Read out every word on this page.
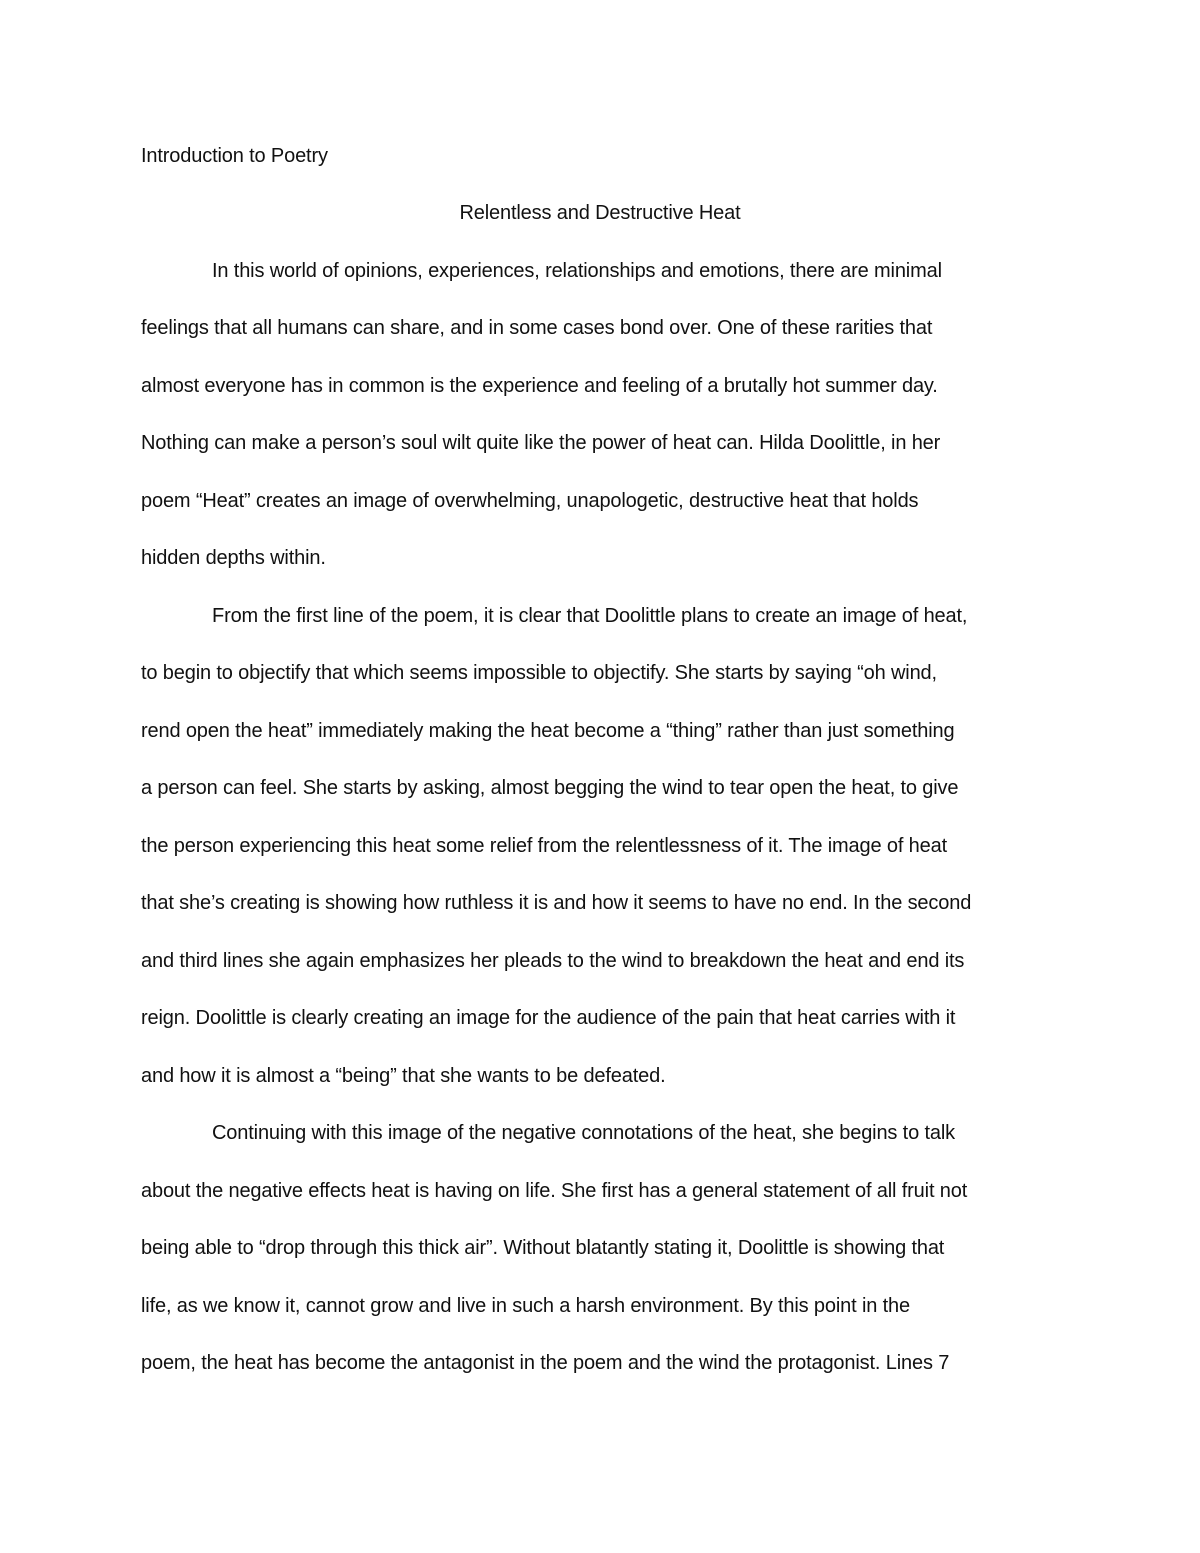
Introduction to Poetry
Relentless and Destructive Heat
In this world of opinions, experiences, relationships and emotions, there are minimal
feelings that all humans can share, and in some cases bond over. One of these rarities that
almost everyone has in common is the experience and feeling of a brutally hot summer day.
Nothing can make a person’s soul wilt quite like the power of heat can. Hilda Doolittle, in her
poem “Heat” creates an image of overwhelming, unapologetic, destructive heat that holds
hidden depths within.
From the first line of the poem, it is clear that Doolittle plans to create an image of heat,
to begin to objectify that which seems impossible to objectify. She starts by saying “oh wind,
rend open the heat” immediately making the heat become a “thing” rather than just something
a person can feel. She starts by asking, almost begging the wind to tear open the heat, to give
the person experiencing this heat some relief from the relentlessness of it. The image of heat
that she’s creating is showing how ruthless it is and how it seems to have no end. In the second
and third lines she again emphasizes her pleads to the wind to breakdown the heat and end its
reign. Doolittle is clearly creating an image for the audience of the pain that heat carries with it
and how it is almost a “being” that she wants to be defeated.
Continuing with this image of the negative connotations of the heat, she begins to talk
about the negative effects heat is having on life. She first has a general statement of all fruit not
being able to “drop through this thick air”. Without blatantly stating it, Doolittle is showing that
life, as we know it, cannot grow and live in such a harsh environment. By this point in the
poem, the heat has become the antagonist in the poem and the wind the protagonist. Lines 7
